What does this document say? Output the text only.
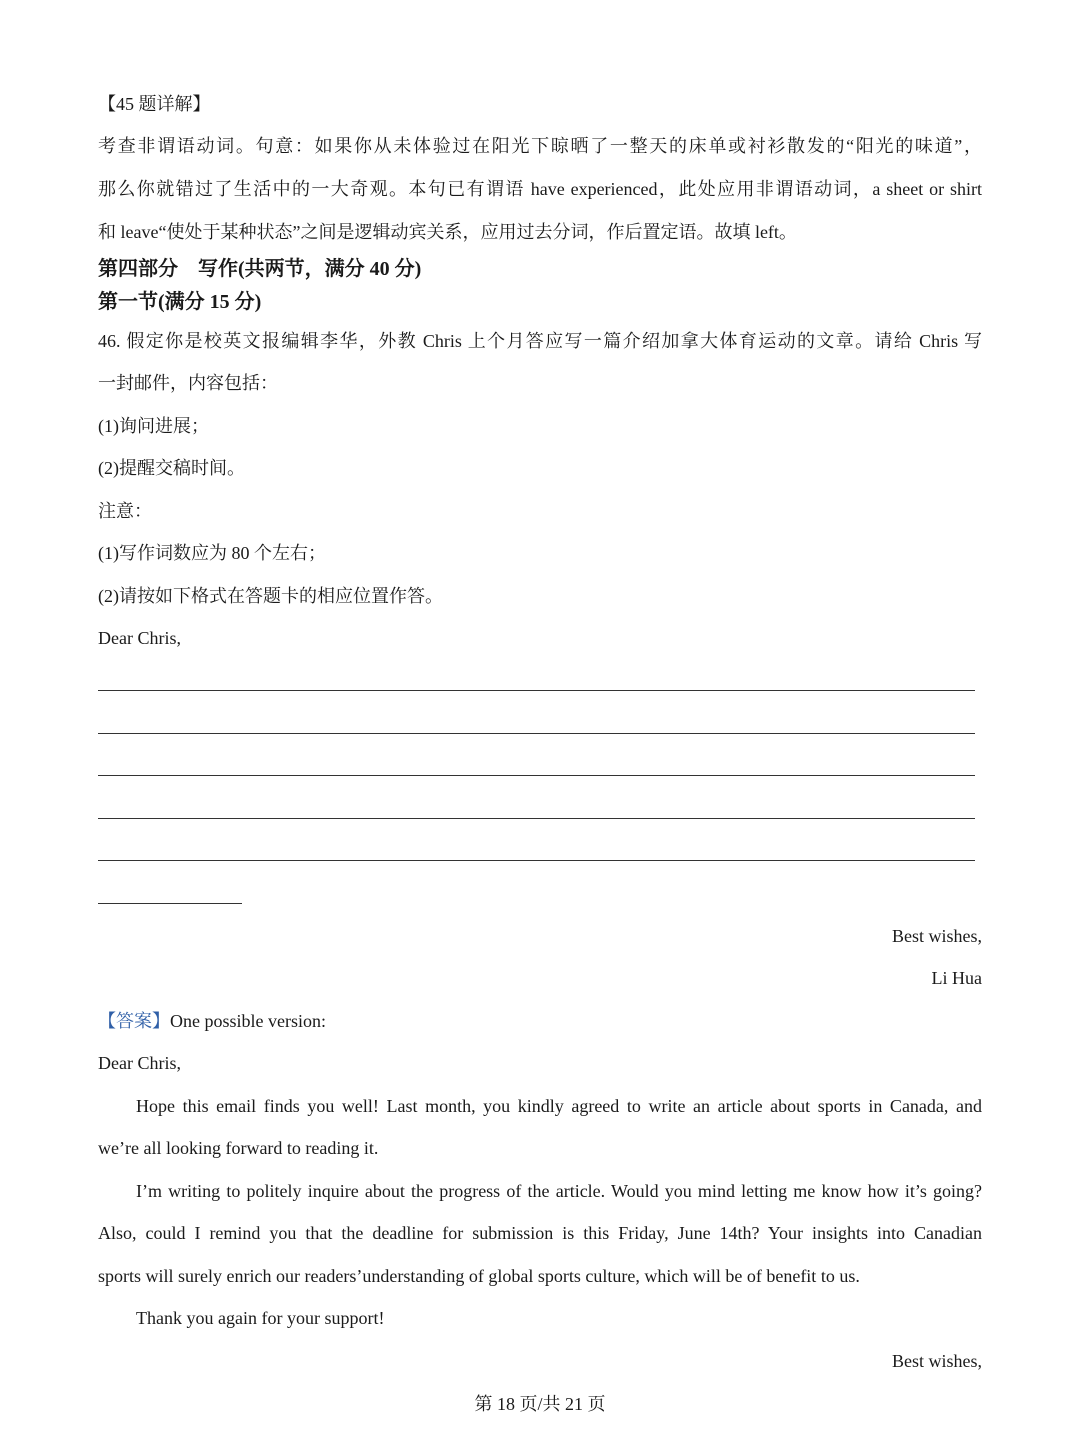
【45 题详解】
考查非谓语动词。句意：如果你从未体验过在阳光下晾晒了一整天的床单或衬衫散发的“阳光的味道”，
那么你就错过了生活中的一大奇观。本句已有谓语 have experienced，此处应用非谓语动词，a sheet or shirt
和 leave“使处于某种状态”之间是逻辑动宾关系，应用过去分词，作后置定语。故填 left。
第四部分　写作(共两节，满分 40 分)
第一节(满分 15 分)
46. 假定你是校英文报编辑李华，外教 Chris 上个月答应写一篇介绍加拿大体育运动的文章。请给 Chris 写
一封邮件，内容包括：
(1)询问进展；
(2)提醒交稿时间。
注意：
(1)写作词数应为 80 个左右；
(2)请按如下格式在答题卡的相应位置作答。
Dear Chris,
Best wishes,
Li Hua
【答案】One possible version:
Dear Chris,
Hope this email finds you well! Last month, you kindly agreed to write an article about sports in Canada, and
we’re all looking forward to reading it.
I’m writing to politely inquire about the progress of the article. Would you mind letting me know how it’s going?
Also, could I remind you that the deadline for submission is this Friday, June 14th? Your insights into Canadian
sports will surely enrich our readers’understanding of global sports culture, which will be of benefit to us.
Thank you again for your support!
Best wishes,
第 18 页/共 21 页
